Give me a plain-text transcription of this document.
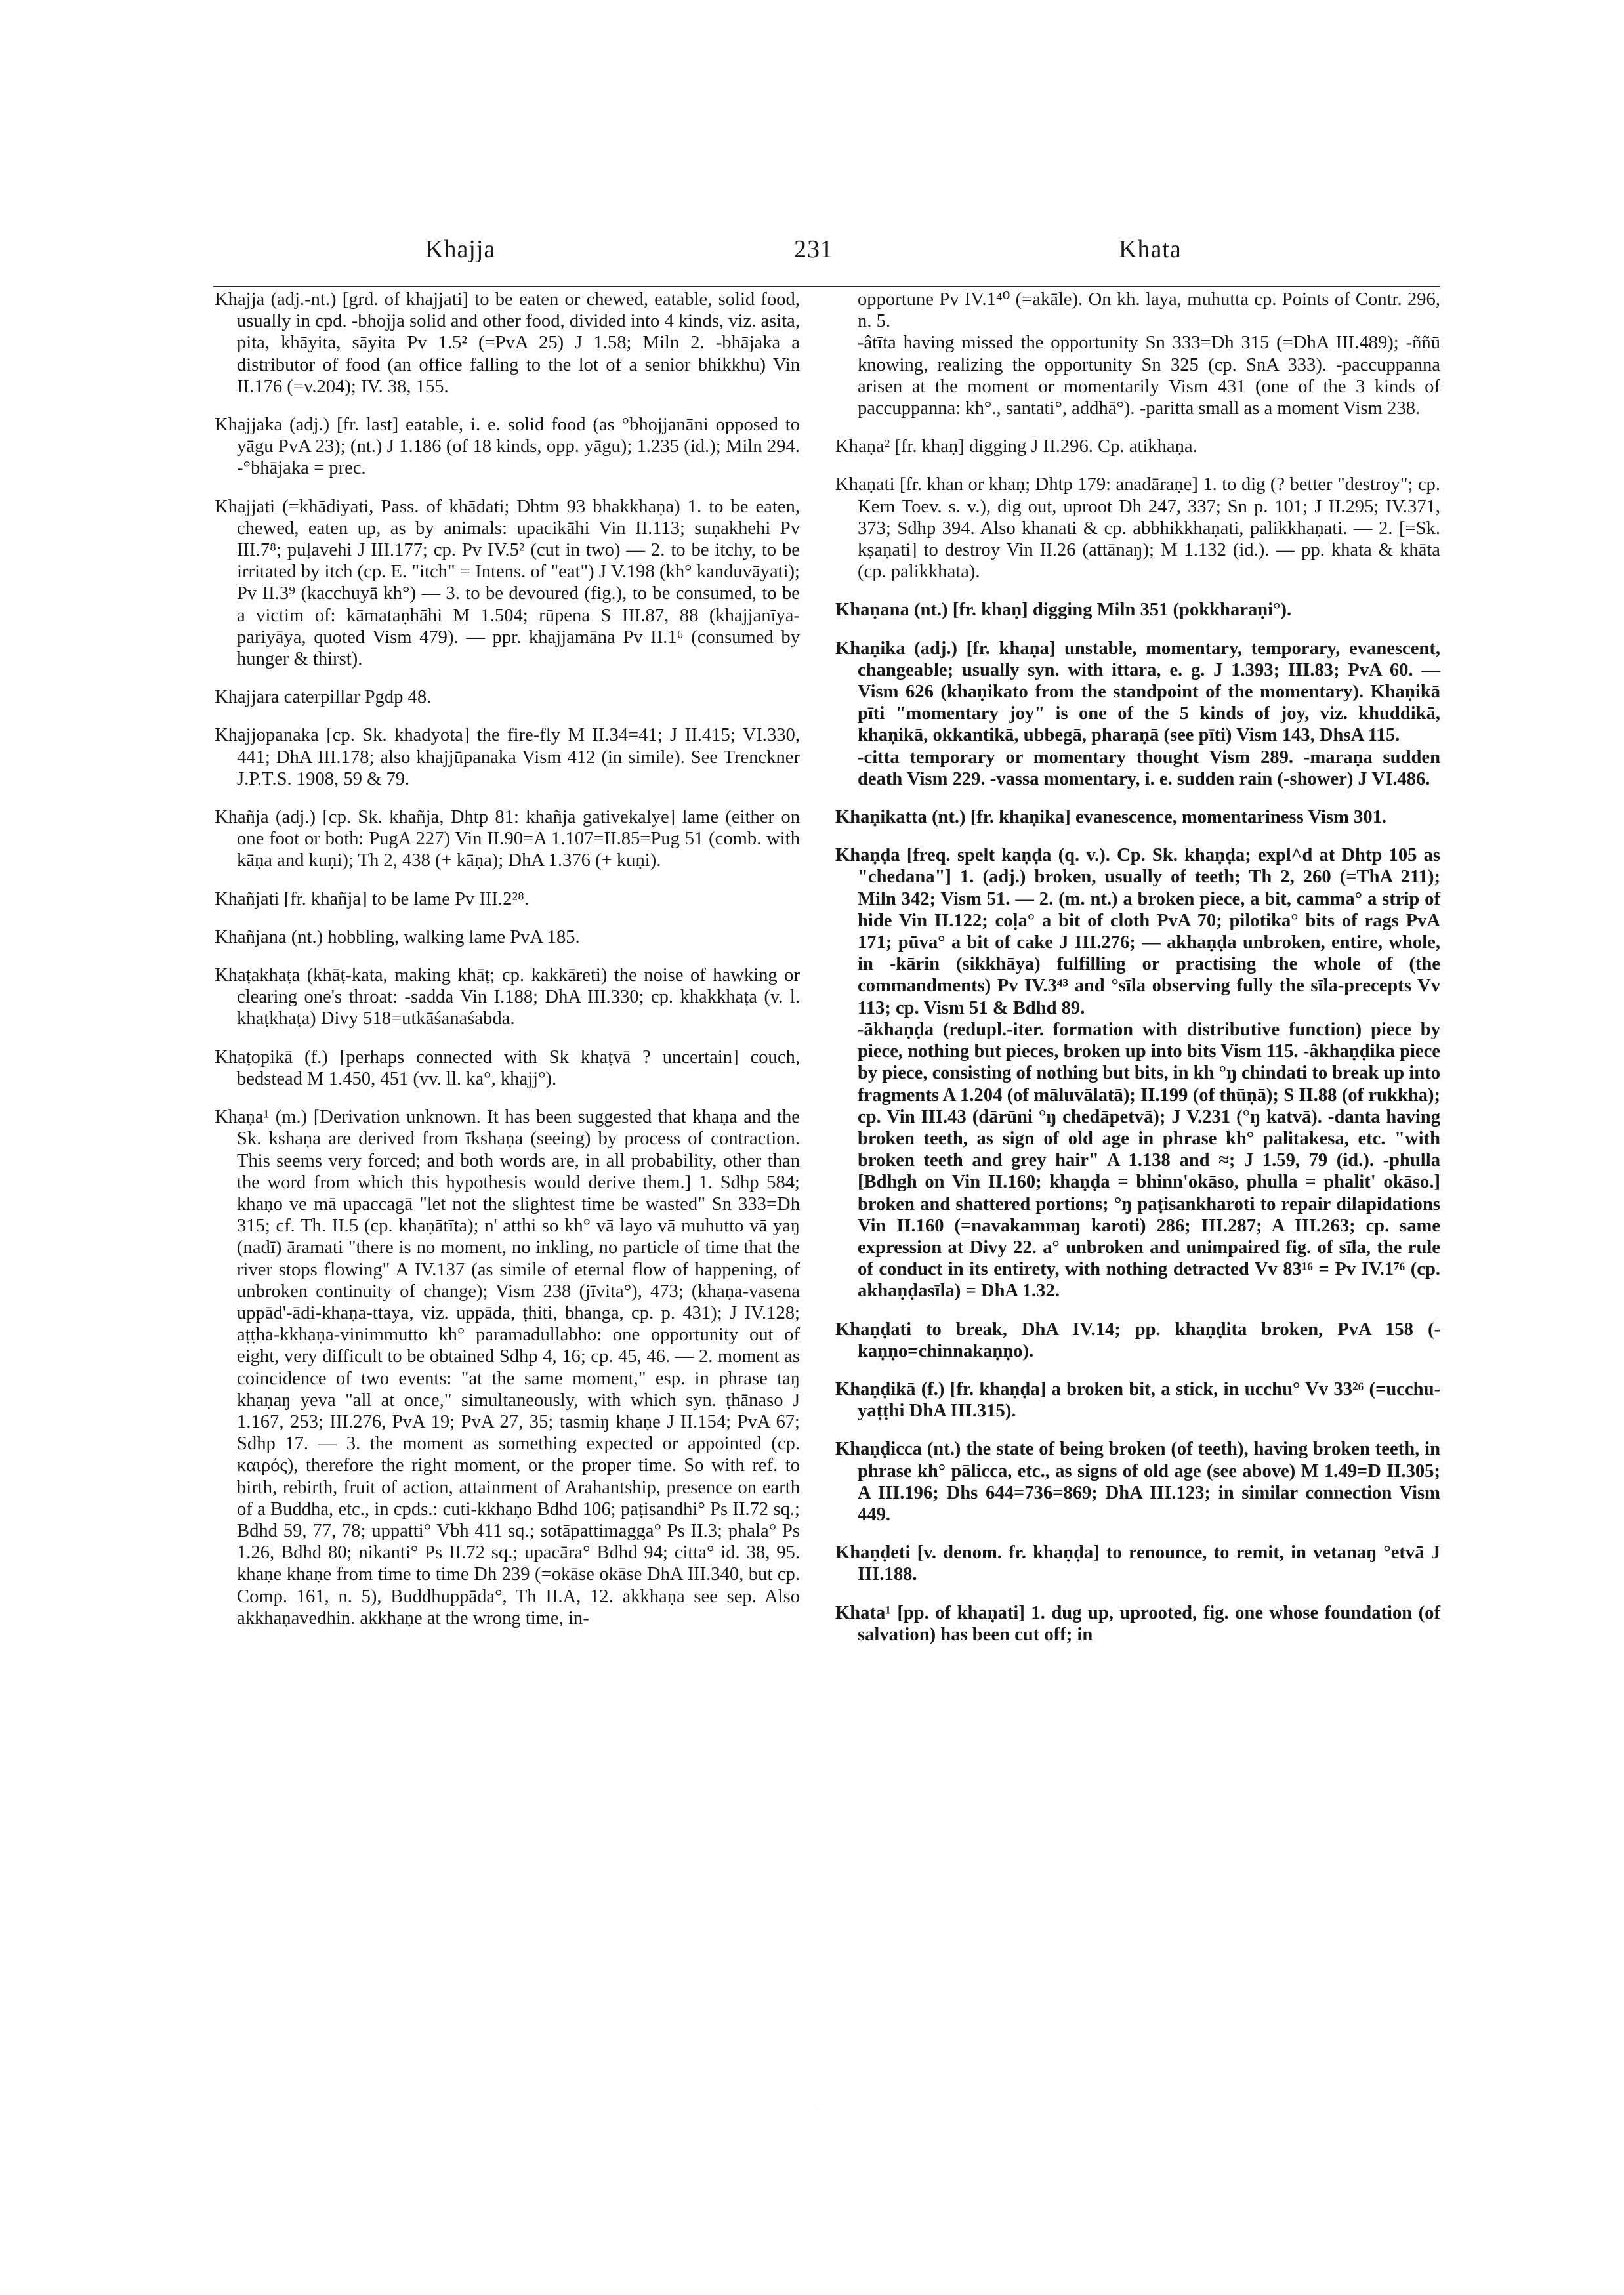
Khajja	231	Khata

Khajja (adj.-nt.) [grd. of khajjati] to be eaten or chewed, eatable, solid food, usually in cpd. -bhojja solid and other food, divided into 4 kinds, viz. asita, pita, khāyita, sāyita Pv 1.5² (=PvA 25) J 1.58; Miln 2. -bhājaka a distributor of food (an office falling to the lot of a senior bhikkhu) Vin II.176 (=v.204); IV. 38, 155.

Khajjaka (adj.) [fr. last] eatable, i. e. solid food (as °bhojjanāni opposed to yāgu PvA 23); (nt.) J 1.186 (of 18 kinds, opp. yāgu); 1.235 (id.); Miln 294. -°bhājaka = prec.

Khajjati (=khādiyati, Pass. of khādati; Dhtm 93 bhakkhaṇa) 1. to be eaten, chewed, eaten up, as by animals: upacikāhi Vin II.113; suṇakhehi Pv III.7⁸; puḷavehi J III.177; cp. Pv IV.5² (cut in two) — 2. to be itchy, to be irritated by itch (cp. E. "itch" = Intens. of "eat") J V.198 (kh° kanduvāyati); Pv II.3⁹ (kacchuyā kh°) — 3. to be devoured (fig.), to be consumed, to be a victim of: kāmataṇhāhi M 1.504; rūpena S III.87, 88 (khajjanīya-pariyāya, quoted Vism 479). — ppr. khajjamāna Pv II.1⁶ (consumed by hunger & thirst).

Khajjara caterpillar Pgdp 48.

Khajjopanaka [cp. Sk. khadyota] the fire-fly M II.34=41; J II.415; VI.330, 441; DhA III.178; also khajjūpanaka Vism 412 (in simile). See Trenckner J.P.T.S. 1908, 59 & 79.

Khañja (adj.) [cp. Sk. khañja, Dhtp 81: khañja gativekalye] lame (either on one foot or both: PugA 227) Vin II.90=A 1.107=II.85=Pug 51 (comb. with kāṇa and kuṇi); Th 2, 438 (+ kāṇa); DhA 1.376 (+ kuṇi).

Khañjati [fr. khañja] to be lame Pv III.2²⁸.

Khañjana (nt.) hobbling, walking lame PvA 185.

Khaṭakhaṭa (khāṭ-kata, making khāṭ; cp. kakkāreti) the noise of hawking or clearing one's throat: -sadda Vin I.188; DhA III.330; cp. khakkhaṭa (v. l. khaṭkhaṭa) Divy 518=utkāśanaśabda.

Khaṭopikā (f.) [perhaps connected with Sk khaṭvā ? uncertain] couch, bedstead M 1.450, 451 (vv. ll. ka°, khajj°).

Khaṇa¹ (m.) [Derivation unknown. It has been suggested that khaṇa and the Sk. kshaṇa are derived from īkshaṇa (seeing) by process of contraction. This seems very forced; and both words are, in all probability, other than the word from which this hypothesis would derive them.] 1. Sdhp 584; khaṇo ve mā upaccagā "let not the slightest time be wasted" Sn 333=Dh 315; cf. Th. II.5 (cp. khaṇātīta); n' atthi so kh° vā layo vā muhutto vā yaŋ (nadī) āramati "there is no moment, no inkling, no particle of time that the river stops flowing" A IV.137 (as simile of eternal flow of happening, of unbroken continuity of change); Vism 238 (jīvita°), 473; (khaṇa-vasena uppād'-ādi-khaṇa-ttaya, viz. uppāda, ṭhiti, bhanga, cp. p. 431); J IV.128; aṭṭha-kkhaṇa-vinimmutto kh° paramadullabho: one opportunity out of eight, very difficult to be obtained Sdhp 4, 16; cp. 45, 46. — 2. moment as coincidence of two events: "at the same moment," esp. in phrase taŋ khaṇaŋ yeva "all at once," simultaneously, with which syn. ṭhānaso J 1.167, 253; III.276, PvA 19; PvA 27, 35; tasmiŋ khaṇe J II.154; PvA 67; Sdhp 17. — 3. the moment as something expected or appointed (cp. καιρός), therefore the right moment, or the proper time. So with ref. to birth, rebirth, fruit of action, attainment of Arahantship, presence on earth of a Buddha, etc., in cpds.: cuti-kkhaṇo Bdhd 106; paṭisandhi° Ps II.72 sq.; Bdhd 59, 77, 78; uppatti° Vbh 411 sq.; sotāpattimagga° Ps II.3; phala° Ps 1.26, Bdhd 80; nikanti° Ps II.72 sq.; upacāra° Bdhd 94; citta° id. 38, 95. khaṇe khaṇe from time to time Dh 239 (=okāse okāse DhA III.340, but cp. Comp. 161, n. 5), Buddhuppāda°, Th II.A, 12. akkhaṇa see sep. Also akkhaṇavedhin. akkhaṇe at the wrong time, in-

opportune Pv IV.1⁴⁰ (=akāle). On kh. laya, muhutta cp. Points of Contr. 296, n. 5.

-âtīta having missed the opportunity Sn 333=Dh 315 (=DhA III.489); -ññū knowing, realizing the opportunity Sn 325 (cp. SnA 333). -paccuppanna arisen at the moment or momentarily Vism 431 (one of the 3 kinds of paccuppanna: kh°., santati°, addhā°). -paritta small as a moment Vism 238.

Khaṇa² [fr. khaṇ] digging J II.296. Cp. atikhaṇa.

Khaṇati [fr. khan or khaṇ; Dhtp 179: anadāraṇe] 1. to dig (? better "destroy"; cp. Kern Toev. s. v.), dig out, uproot Dh 247, 337; Sn p. 101; J II.295; IV.371, 373; Sdhp 394. Also khanati & cp. abbhikkhaṇati, palikkhaṇati. — 2. [=Sk. kṣaṇati] to destroy Vin II.26 (attānaŋ); M 1.132 (id.). — pp. khata & khāta (cp. palikkhata).

Khaṇana (nt.) [fr. khaṇ] digging Miln 351 (pokkharaṇi°).

Khaṇika (adj.) [fr. khaṇa] unstable, momentary, temporary, evanescent, changeable; usually syn. with ittara, e. g. J 1.393; III.83; PvA 60. — Vism 626 (khaṇikato from the standpoint of the momentary). Khaṇikā pīti "momentary joy" is one of the 5 kinds of joy, viz. khuddikā, khaṇikā, okkantikā, ubbegā, pharaṇā (see pīti) Vism 143, DhsA 115.

-citta temporary or momentary thought Vism 289. -maraṇa sudden death Vism 229. -vassa momentary, i. e. sudden rain (-shower) J VI.486.

Khaṇikatta (nt.) [fr. khaṇika] evanescence, momentariness Vism 301.

Khaṇḍa [freq. spelt kaṇḍa (q. v.). Cp. Sk. khaṇḍa; expl^d at Dhtp 105 as "chedana"] 1. (adj.) broken, usually of teeth; Th 2, 260 (=ThA 211); Miln 342; Vism 51. — 2. (m. nt.) a broken piece, a bit, camma° a strip of hide Vin II.122; coḷa° a bit of cloth PvA 70; pilotika° bits of rags PvA 171; pūva° a bit of cake J III.276; — akhaṇḍa unbroken, entire, whole, in -kārin (sikkhāya) fulfilling or practising the whole of (the commandments) Pv IV.3⁴³ and °sīla observing fully the sīla-precepts Vv 113; cp. Vism 51 & Bdhd 89.

-ākhaṇḍa (redupl.-iter. formation with distributive function) piece by piece, nothing but pieces, broken up into bits Vism 115. -âkhaṇḍika piece by piece, consisting of nothing but bits, in kh °ŋ chindati to break up into fragments A 1.204 (of māluvālatā); II.199 (of thūṇā); S II.88 (of rukkha); cp. Vin III.43 (dārūni °ŋ chedāpetvā); J V.231 (°ŋ katvā). -danta having broken teeth, as sign of old age in phrase kh° palitakesa, etc. "with broken teeth and grey hair" A 1.138 and ≈; J 1.59, 79 (id.). -phulla [Bdhgh on Vin II.160; khaṇḍa = bhinn'okāso, phulla = phalit' okāso.] broken and shattered portions; °ŋ paṭisankharoti to repair dilapidations Vin II.160 (=navakammaŋ karoti) 286; III.287; A III.263; cp. same expression at Divy 22. a° unbroken and unimpaired fig. of sīla, the rule of conduct in its entirety, with nothing detracted Vv 83¹⁶ = Pv IV.1⁷⁶ (cp. akhaṇḍasīla) = DhA 1.32.

Khaṇḍati to break, DhA IV.14; pp. khaṇḍita broken, PvA 158 (-kaṇṇo=chinnakaṇṇo).

Khaṇḍikā (f.) [fr. khaṇḍa] a broken bit, a stick, in ucchu° Vv 33²⁶ (=ucchu-yaṭṭhi DhA III.315).

Khaṇḍicca (nt.) the state of being broken (of teeth), having broken teeth, in phrase kh° pālicca, etc., as signs of old age (see above) M 1.49=D II.305; A III.196; Dhs 644=736=869; DhA III.123; in similar connection Vism 449.

Khaṇḍeti [v. denom. fr. khaṇḍa] to renounce, to remit, in vetanaŋ °etvā J III.188.

Khata¹ [pp. of khaṇati] 1. dug up, uprooted, fig. one whose foundation (of salvation) has been cut off; in
